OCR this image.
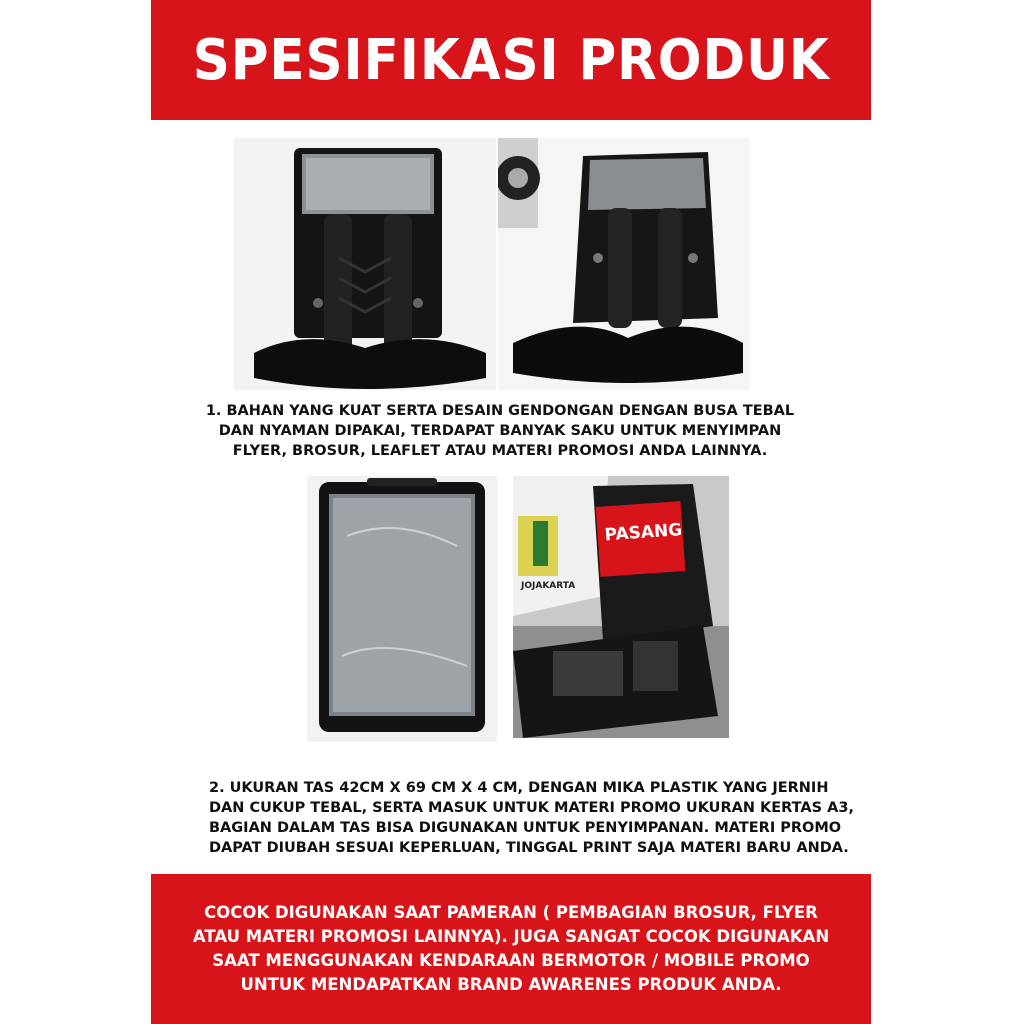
SPESIFIKASI PRODUK

1. BAHAN YANG KUAT SERTA DESAIN GENDONGAN DENGAN BUSA TEBAL

DAN NYAMAN DIPAKAI, TERDAPAT BANYAK SAKU UNTUK MENYIMPAN

FLYER, BROSUR, LEAFLET ATAU MATERI PROMOSI ANDA LAINNYA.

JOJAKARTA
PASANG

2. UKURAN TAS 42CM X 69 CM X 4 CM, DENGAN MIKA PLASTIK YANG JERNIH

DAN CUKUP TEBAL, SERTA MASUK UNTUK MATERI PROMO UKURAN KERTAS A3,

BAGIAN DALAM TAS BISA DIGUNAKAN UNTUK PENYIMPANAN. MATERI PROMO

DAPAT DIUBAH SESUAI KEPERLUAN, TINGGAL PRINT SAJA MATERI BARU ANDA.

COCOK DIGUNAKAN SAAT PAMERAN ( PEMBAGIAN BROSUR, FLYER

ATAU MATERI PROMOSI LAINNYA). JUGA SANGAT COCOK DIGUNAKAN

SAAT MENGGUNAKAN KENDARAAN BERMOTOR / MOBILE PROMO

UNTUK MENDAPATKAN BRAND AWARENES PRODUK ANDA.
